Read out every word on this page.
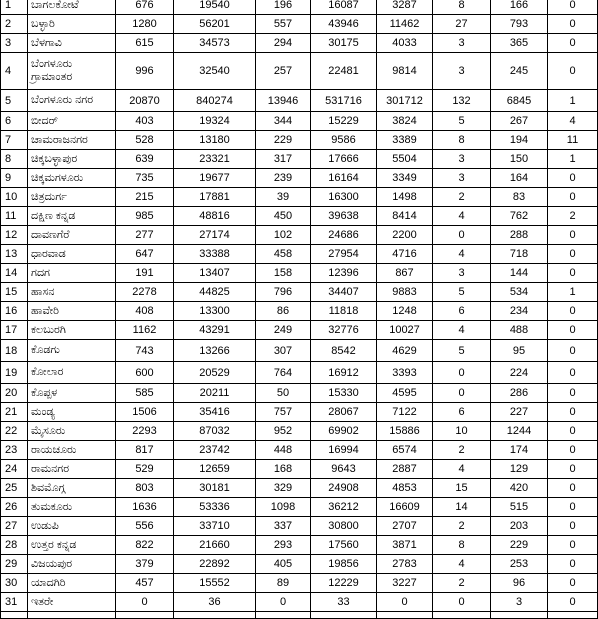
1	ಬಾಗಲಕೋಟೆ	676	19540	196	16087	3287	8	166	0
2	ಬಳ್ಳಾರಿ	1280	56201	557	43946	11462	27	793	0
3	ಬೆಳಗಾವಿ	615	34573	294	30175	4033	3	365	0
4	ಬೆಂಗಳೂರು ಗ್ರಾಮಾಂತರ	996	32540	257	22481	9814	3	245	0
5	ಬೆಂಗಳೂರು ನಗರ	20870	840274	13946	531716	301712	132	6845	1
6	ಬೀದರ್	403	19324	344	15229	3824	5	267	4
7	ಚಾಮರಾಜನಗರ	528	13180	229	9586	3389	8	194	11
8	ಚಿಕ್ಕಬಳ್ಳಾಪುರ	639	23321	317	17666	5504	3	150	1
9	ಚಿಕ್ಕಮಗಳೂರು	735	19677	239	16164	3349	3	164	0
10	ಚಿತ್ರದುರ್ಗ	215	17881	39	16300	1498	2	83	0
11	ದಕ್ಷಿಣ ಕನ್ನಡ	985	48816	450	39638	8414	4	762	2
12	ದಾವಣಗೆರೆ	277	27174	102	24686	2200	0	288	0
13	ಧಾರವಾಡ	647	33388	458	27954	4716	4	718	0
14	ಗದಗ	191	13407	158	12396	867	3	144	0
15	ಹಾಸನ	2278	44825	796	34407	9883	5	534	1
16	ಹಾವೇರಿ	408	13300	86	11818	1248	6	234	0
17	ಕಲಬುರಗಿ	1162	43291	249	32776	10027	4	488	0
18	ಕೊಡಗು	743	13266	307	8542	4629	5	95	0
19	ಕೋಲಾರ	600	20529	764	16912	3393	0	224	0
20	ಕೊಪ್ಪಳ	585	20211	50	15330	4595	0	286	0
21	ಮಂಡ್ಯ	1506	35416	757	28067	7122	6	227	0
22	ಮೈಸೂರು	2293	87032	952	69902	15886	10	1244	0
23	ರಾಯಚೂರು	817	23742	448	16994	6574	2	174	0
24	ರಾಮನಗರ	529	12659	168	9643	2887	4	129	0
25	ಶಿವಮೊಗ್ಗ	803	30181	329	24908	4853	15	420	0
26	ತುಮಕೂರು	1636	53336	1098	36212	16609	14	515	0
27	ಉಡುಪಿ	556	33710	337	30800	2707	2	203	0
28	ಉತ್ತರ ಕನ್ನಡ	822	21660	293	17560	3871	8	229	0
29	ವಿಜಯಪುರ	379	22892	405	19856	2783	4	253	0
30	ಯಾದಗಿರಿ	457	15552	89	12229	3227	2	96	0
31	ಇತರೇ	0	36	0	33	0	0	3	0
